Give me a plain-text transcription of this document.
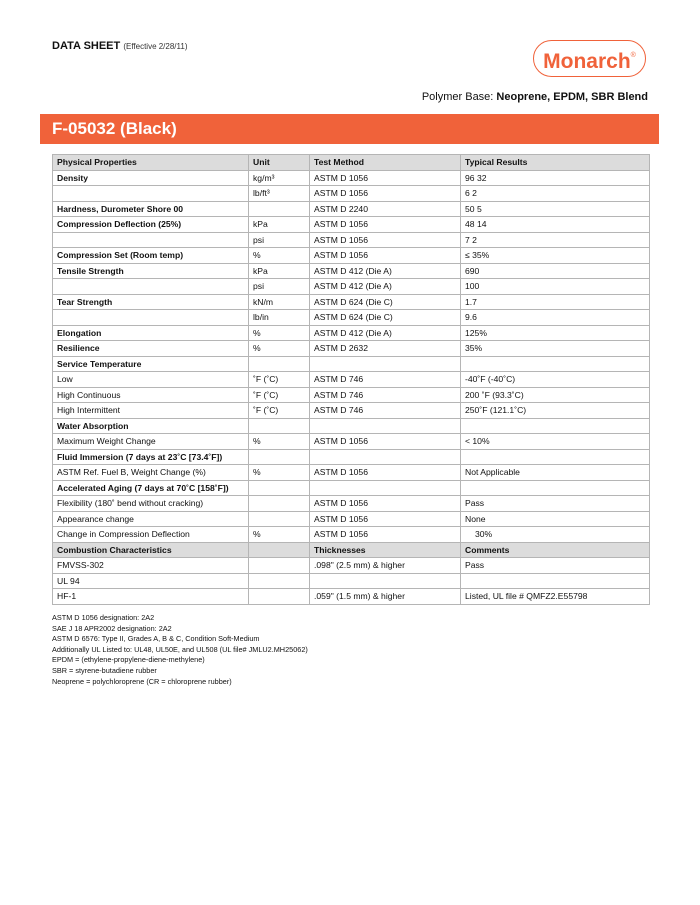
DATA SHEET (Effective 2/28/11)
Monarch®
Polymer Base: Neoprene, EPDM, SBR Blend
F-05032 (Black)
Physical Properties	Unit	Test Method	Typical Results
Density	kg/m³	ASTM D 1056	96 32
	lb/ft³	ASTM D 1056	6 2
Hardness, Durometer Shore 00		ASTM D 2240	50 5
Compression Deflection (25%)	kPa	ASTM D 1056	48 14
	psi	ASTM D 1056	7 2
Compression Set (Room temp)	%	ASTM D 1056	≤ 35%
Tensile Strength	kPa	ASTM D 412 (Die A)	690
	psi	ASTM D 412 (Die A)	100
Tear Strength	kN/m	ASTM D 624 (Die C)	1.7
	lb/in	ASTM D 624 (Die C)	9.6
Elongation	%	ASTM D 412 (Die A)	125%
Resilience	%	ASTM D 2632	35%
Service Temperature			
Low	˚F (˚C)	ASTM D 746	-40˚F (-40˚C)
High Continuous	˚F (˚C)	ASTM D 746	200 ˚F (93.3˚C)
High Intermittent	˚F (˚C)	ASTM D 746	250˚F (121.1˚C)
Water Absorption			
Maximum Weight Change	%	ASTM D 1056	< 10%
Fluid Immersion (7 days at 23˚C [73.4˚F])			
ASTM Ref. Fuel B, Weight Change (%)	%	ASTM D 1056	Not Applicable
Accelerated Aging (7 days at 70˚C [158˚F])			
Flexibility (180˚ bend without cracking)		ASTM D 1056	Pass
Appearance change		ASTM D 1056	None
Change in Compression Deflection	%	ASTM D 1056	30%
Combustion Characteristics		Thicknesses	Comments
FMVSS-302		.098" (2.5 mm) & higher	Pass
UL 94			
HF-1		.059" (1.5 mm) & higher	Listed, UL file # QMFZ2.E55798
ASTM D 1056 designation: 2A2
SAE J 18 APR2002 designation: 2A2
ASTM D 6576: Type II, Grades A, B & C, Condition Soft-Medium
Additionally UL Listed to: UL48, UL50E, and UL508 (UL file# JMLU2.MH25062)
EPDM = (ethylene-propylene-diene-methylene)
SBR = styrene-butadiene rubber
Neoprene = polychloroprene (CR = chloroprene rubber)
